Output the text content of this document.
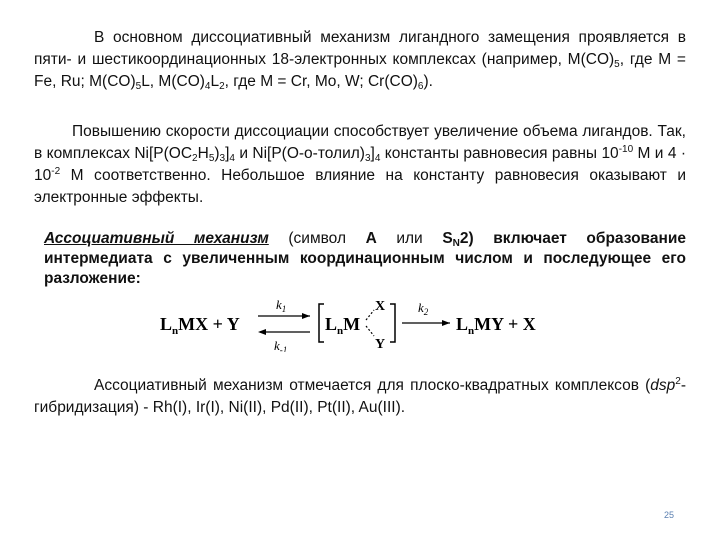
В основном диссоциативный механизм лигандного замещения проявляется в пяти- и шестикоординационных 18-электронных комплексах (например, $M(CO)_5$, где M = Fe, Ru; $M(CO)_5L$, $M(CO)_4L_2$, где M = Cr, Mo, W; $Cr(CO)_6$).
Повышению скорости диссоциации способствует увеличение объема лигандов. Так, в комплексах $Ni[P(OC_2H_5)_3]_4$ и $Ni[P(O-o-толил)_3]_4$ константы равновесия равны $10^{-10}$ M и $4 \cdot 10^{-2}$ M соответственно. Небольшое влияние на константу равновесия оказывают и электронные эффекты.
Ассоциативный механизм (символ A или $S_N2$) включает образование интермедиата с увеличенным координационным числом и последующее его разложение:
$L_nMX + Y$
$k_1$
$k_{-1}$
$L_nM$
X
Y
$k_2$
$L_nMY + X$
Ассоциативный механизм отмечается для плоско-квадратных комплексов (dsp$^2$-гибридизация) - Rh(I), Ir(I), Ni(II), Pd(II), Pt(II), Au(III).
25
